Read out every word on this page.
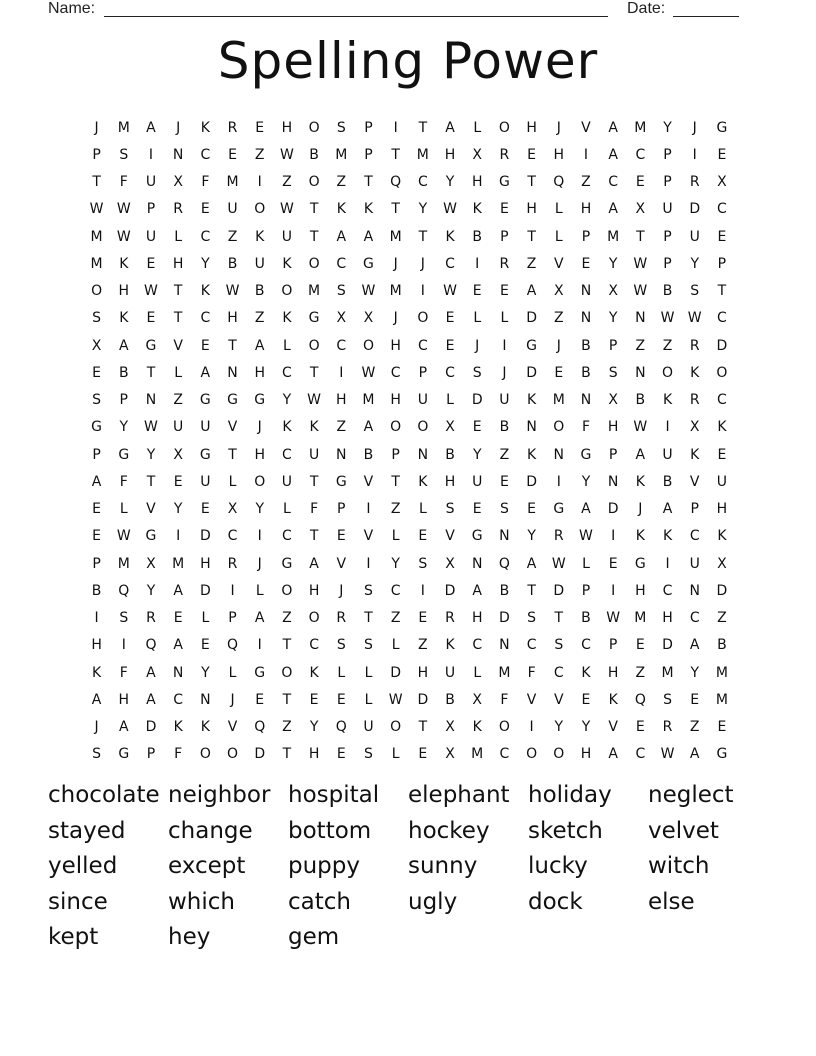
Name:	Date:
Spelling Power
J	M	A	J	K	R	E	H	O	S	P	I	T	A	L	O	H	J	V	A	M	Y	J	G
P	S	I	N	C	E	Z	W	B	M	P	T	M	H	X	R	E	H	I	A	C	P	I	E
T	F	U	X	F	M	I	Z	O	Z	T	Q	C	Y	H	G	T	Q	Z	C	E	P	R	X
W W	P	R	E	U	O	W	T	K	K	T	Y	W	K	E	H	L	H	A	X	U	D	C
M	W	U	L	C	Z	K	U	T	A	A	M	T	K	B	P	T	L	P	M	T	P	U	E
M	K	E	H	Y	B	U	K	O	C	G	J	J	C	I	R	Z	V	E	Y	W	P	Y	P
O	H	W	T	K	W	B	O	M	S	W	M	I	W	E	E	A	X	N	X	W	B	S	T
S	K	E	T	C	H	Z	K	G	X	X	J	O	E	L	L	D	Z	N	Y	N	W W	C
X	A	G	V	E	T	A	L	O	C	O	H	C	E	J	I	G	J	B	P	Z	Z	R	D
E	B	T	L	A	N	H	C	T	I	W	C	P	C	S	J	D	E	B	S	N	O	K	O
S	P	N	Z	G	G	G	Y	W	H	M	H	U	L	D	U	K	M	N	X	B	K	R	C
G	Y	W	U	U	V	J	K	K	Z	A	O	O	X	E	B	N	O	F	H	W	I	X	K
P	G	Y	X	G	T	H	C	U	N	B	P	N	B	Y	Z	K	N	G	P	A	U	K	E
A	F	T	E	U	L	O	U	T	G	V	T	K	H	U	E	D	I	Y	N	K	B	V	U
E	L	V	Y	E	X	Y	L	F	P	I	Z	L	S	E	S	E	G	A	D	J	A	P	H
E	W	G	I	D	C	I	C	T	E	V	L	E	V	G	N	Y	R	W	I	K	K	C	K
P	M	X	M	H	R	J	G	A	V	I	Y	S	X	N	Q	A	W	L	E	G	I	U	X
B	Q	Y	A	D	I	L	O	H	J	S	C	I	D	A	B	T	D	P	I	H	C	N	D
I	S	R	E	L	P	A	Z	O	R	T	Z	E	R	H	D	S	T	B	W	M	H	C	Z
H	I	Q	A	E	Q	I	T	C	S	S	L	Z	K	C	N	C	S	C	P	E	D	A	B
K	F	A	N	Y	L	G	O	K	L	L	D	H	U	L	M	F	C	K	H	Z	M	Y	M
A	H	A	C	N	J	E	T	E	E	L	W	D	B	X	F	V	V	E	K	Q	S	E	M
J	A	D	K	K	V	Q	Z	Y	Q	U	O	T	X	K	O	I	Y	Y	V	E	R	Z	E
S	G	P	F	O	O	D	T	H	E	S	L	E	X	M	C	O	O	H	A	C	W	A	G
chocolate neighbor hospital	elephant holiday	neglect
stayed	change	bottom	hockey	sketch	velvet
yelled	except	puppy	sunny	lucky	witch
since	which	catch	ugly	dock	else
kept	hey	gem
